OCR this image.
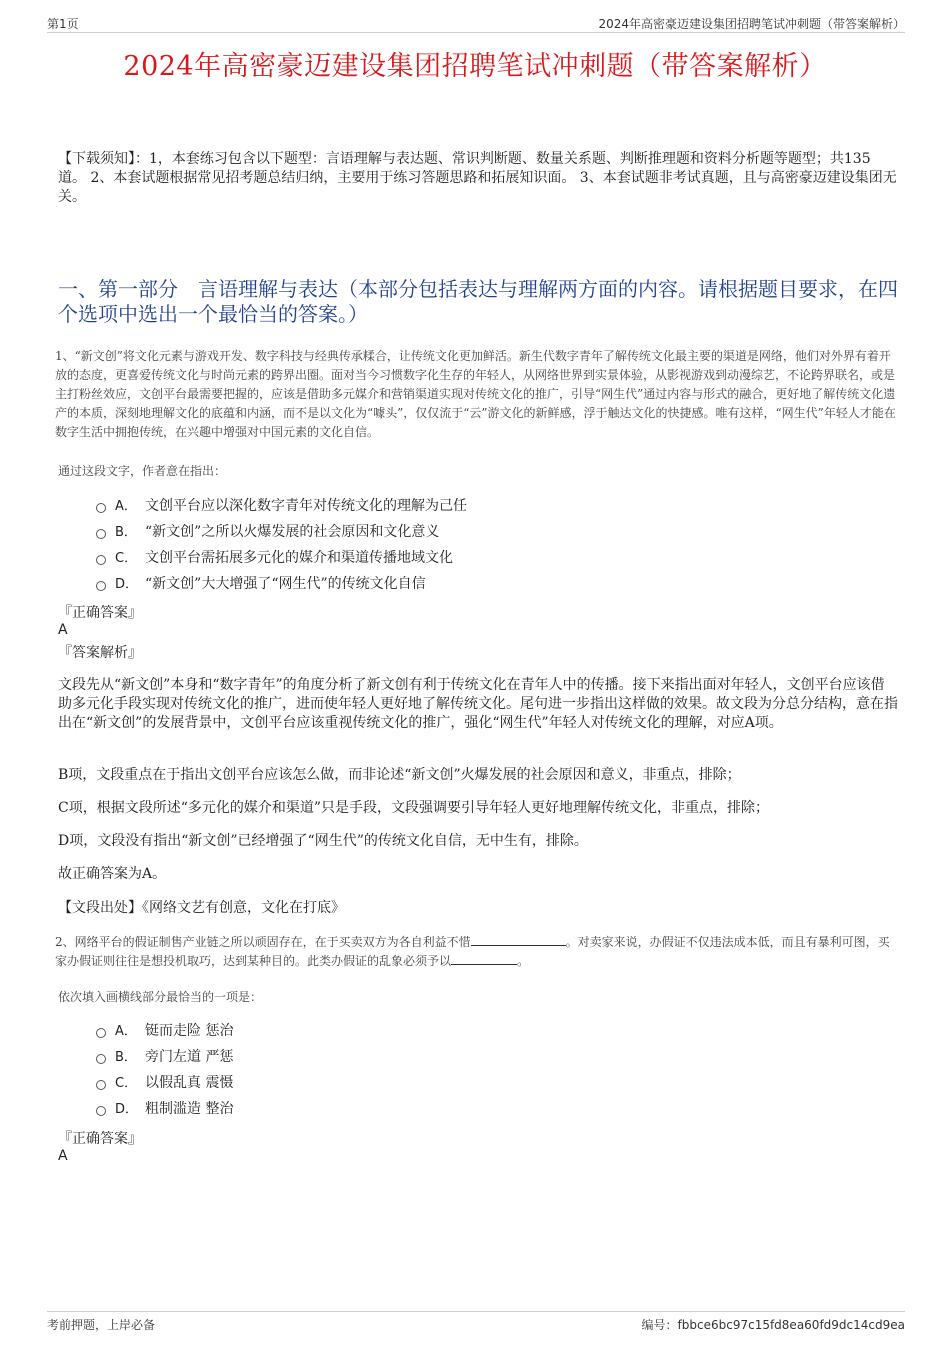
第1页	2024年高密豪迈建设集团招聘笔试冲刺题（带答案解析）
2024年高密豪迈建设集团招聘笔试冲刺题（带答案解析）

【下载须知】：1，本套练习包含以下题型：言语理解与表达题、常识判断题、数量关系题、判断推理题和资料分析题等题型；共135道。 2、本套试题根据常见招考题总结归纳，主要用于练习答题思路和拓展知识面。 3、本套试题非考试真题，且与高密豪迈建设集团无关。

一、第一部分　言语理解与表达（本部分包括表达与理解两方面的内容。请根据题目要求，在四个选项中选出一个最恰当的答案。）

1、“新文创”将文化元素与游戏开发、数字科技与经典传承糅合，让传统文化更加鲜活。新生代数字青年了解传统文化最主要的渠道是网络，他们对外界有着开放的态度，更喜爱传统文化与时尚元素的跨界出圈。面对当今习惯数字化生存的年轻人，从网络世界到实景体验，从影视游戏到动漫综艺，不论跨界联名，或是主打粉丝效应，文创平台最需要把握的，应该是借助多元媒介和营销渠道实现对传统文化的推广，引导“网生代”通过内容与形式的融合，更好地了解传统文化遗产的本质，深刻地理解文化的底蕴和内涵，而不是以文化为“噱头”，仅仅流于“云”游文化的新鲜感，浮于触达文化的快捷感。唯有这样，“网生代”年轻人才能在数字生活中拥抱传统，在兴趣中增强对中国元素的文化自信。

通过这段文字，作者意在指出：

A． 文创平台应以深化数字青年对传统文化的理解为己任
B． “新文创”之所以火爆发展的社会原因和文化意义
C． 文创平台需拓展多元化的媒介和渠道传播地域文化
D． “新文创”大大增强了“网生代”的传统文化自信

『正确答案』

A

『答案解析』

文段先从“新文创”本身和“数字青年”的角度分析了新文创有利于传统文化在青年人中的传播。接下来指出面对年轻人，文创平台应该借助多元化手段实现对传统文化的推广，进而使年轻人更好地了解传统文化。尾句进一步指出这样做的效果。故文段为分总分结构，意在指出在“新文创”的发展背景中，文创平台应该重视传统文化的推广，强化“网生代”年轻人对传统文化的理解，对应A项。

B项，文段重点在于指出文创平台应该怎么做，而非论述“新文创”火爆发展的社会原因和意义，非重点，排除；

C项，根据文段所述“多元化的媒介和渠道”只是手段，文段强调要引导年轻人更好地理解传统文化，非重点，排除；

D项，文段没有指出“新文创”已经增强了“网生代”的传统文化自信，无中生有，排除。

故正确答案为A。

【文段出处】《网络文艺有创意，文化在打底》

2、网络平台的假证制售产业链之所以顽固存在，在于买卖双方为各自利益不惜	。对卖家来说，办假证不仅违法成本低，而且有暴利可图，买家办假证则往往是想投机取巧，达到某种目的。此类办假证的乱象必须予以	。

依次填入画横线部分最恰当的一项是：

A． 铤而走险 惩治
B． 旁门左道 严惩
C． 以假乱真 震慑
D． 粗制滥造 整治

『正确答案』

A

考前押题，上岸必备	编号：fbbce6bc97c15fd8ea60fd9dc14cd9ea
